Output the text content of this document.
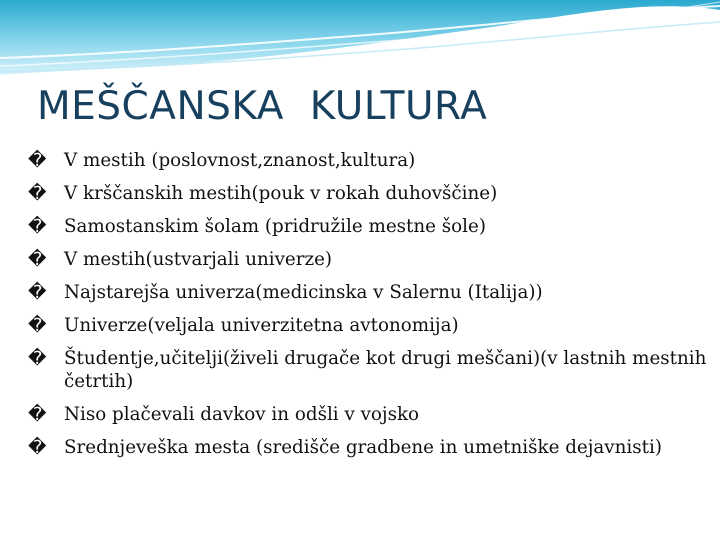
MEŠČANSKA  KULTURA
� V mestih (poslovnost,znanost,kultura)
� V krščanskih mestih(pouk v rokah duhovščine)
� Samostanskim šolam (pridružile mestne šole)
� V mestih(ustvarjali univerze)
� Najstarejša univerza(medicinska v Salernu (Italija))
� Univerze(veljala univerzitetna avtonomija)
� Študentje,učitelji(živeli drugače kot drugi meščani)(v lastnih mestnih četrtih)
� Niso plačevali davkov in odšli v vojsko
� Srednjeveška mesta (središče gradbene in umetniške dejavnisti)
